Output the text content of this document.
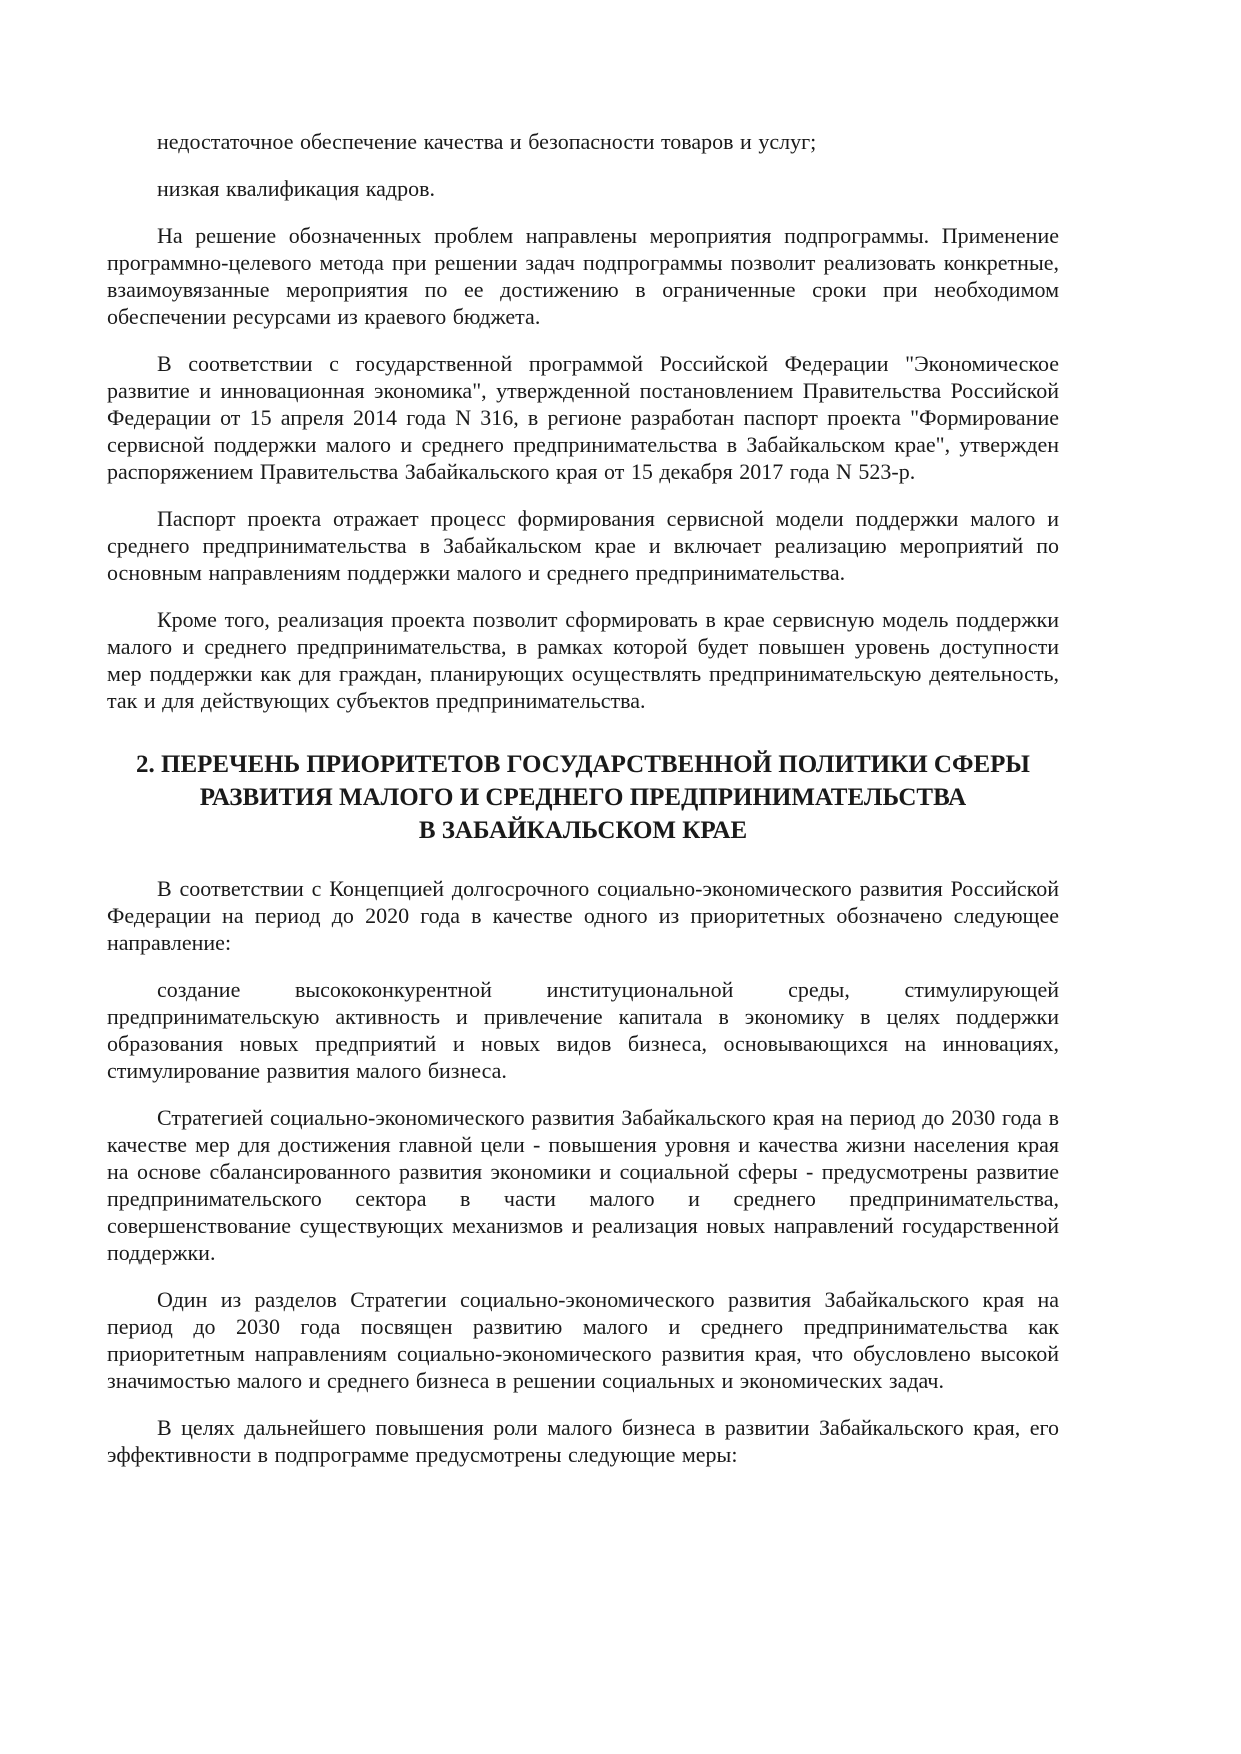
недостаточное обеспечение качества и безопасности товаров и услуг;

низкая квалификация кадров.

На решение обозначенных проблем направлены мероприятия подпрограммы. Применение программно-целевого метода при решении задач подпрограммы позволит реализовать конкретные, взаимоувязанные мероприятия по ее достижению в ограниченные сроки при необходимом обеспечении ресурсами из краевого бюджета.

В соответствии с государственной программой Российской Федерации "Экономическое развитие и инновационная экономика", утвержденной постановлением Правительства Российской Федерации от 15 апреля 2014 года N 316, в регионе разработан паспорт проекта "Формирование сервисной поддержки малого и среднего предпринимательства в Забайкальском крае", утвержден распоряжением Правительства Забайкальского края от 15 декабря 2017 года N 523-р.

Паспорт проекта отражает процесс формирования сервисной модели поддержки малого и среднего предпринимательства в Забайкальском крае и включает реализацию мероприятий по основным направлениям поддержки малого и среднего предпринимательства.

Кроме того, реализация проекта позволит сформировать в крае сервисную модель поддержки малого и среднего предпринимательства, в рамках которой будет повышен уровень доступности мер поддержки как для граждан, планирующих осуществлять предпринимательскую деятельность, так и для действующих субъектов предпринимательства.

2. ПЕРЕЧЕНЬ ПРИОРИТЕТОВ ГОСУДАРСТВЕННОЙ ПОЛИТИКИ СФЕРЫ
РАЗВИТИЯ МАЛОГО И СРЕДНЕГО ПРЕДПРИНИМАТЕЛЬСТВА
В ЗАБАЙКАЛЬСКОМ КРАЕ

В соответствии с Концепцией долгосрочного социально-экономического развития Российской Федерации на период до 2020 года в качестве одного из приоритетных обозначено следующее направление:

создание высококонкурентной институциональной среды, стимулирующей предпринимательскую активность и привлечение капитала в экономику в целях поддержки образования новых предприятий и новых видов бизнеса, основывающихся на инновациях, стимулирование развития малого бизнеса.

Стратегией социально-экономического развития Забайкальского края на период до 2030 года в качестве мер для достижения главной цели - повышения уровня и качества жизни населения края на основе сбалансированного развития экономики и социальной сферы - предусмотрены развитие предпринимательского сектора в части малого и среднего предпринимательства, совершенствование существующих механизмов и реализация новых направлений государственной поддержки.

Один из разделов Стратегии социально-экономического развития Забайкальского края на период до 2030 года посвящен развитию малого и среднего предпринимательства как приоритетным направлениям социально-экономического развития края, что обусловлено высокой значимостью малого и среднего бизнеса в решении социальных и экономических задач.

В целях дальнейшего повышения роли малого бизнеса в развитии Забайкальского края, его эффективности в подпрограмме предусмотрены следующие меры:
